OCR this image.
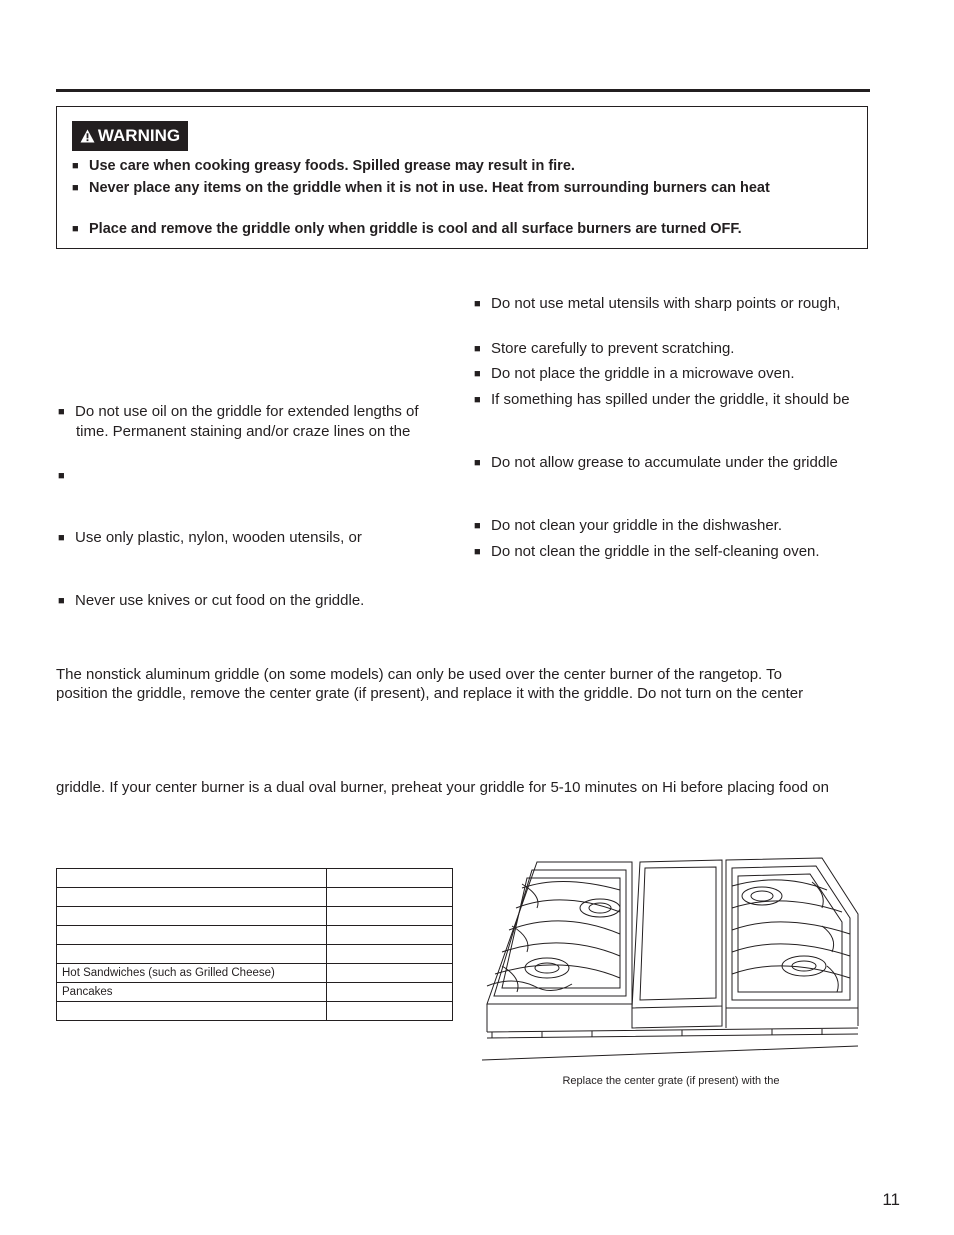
WARNING
■ Use care when cooking greasy foods. Spilled grease may result in fire.
■ Never place any items on the griddle when it is not in use. Heat from surrounding burners can heat
■ Place and remove the griddle only when griddle is cool and all surface burners are turned OFF.
■ Do not use oil on the griddle for extended lengths of
time. Permanent staining and/or craze lines on the
■
■ Use only plastic, nylon, wooden utensils, or
■ Never use knives or cut food on the griddle.
■ Do not use metal utensils with sharp points or rough,
■ Store carefully to prevent scratching.
■ Do not place the griddle in a microwave oven.
■ If something has spilled under the griddle, it should be
■ Do not allow grease to accumulate under the griddle
■ Do not clean your griddle in the dishwasher.
■ Do not clean the griddle in the self-cleaning oven.
The nonstick aluminum griddle (on some models) can only be used over the center burner of the rangetop. To
position the griddle, remove the center grate (if present), and replace it with the griddle. Do not turn on the center
griddle. If your center burner is a dual oval burner, preheat your griddle for 5-10 minutes on Hi before placing food on

Hot Sandwiches (such as Grilled Cheese)	
Pancakes	

Replace the center grate (if present) with the
11
